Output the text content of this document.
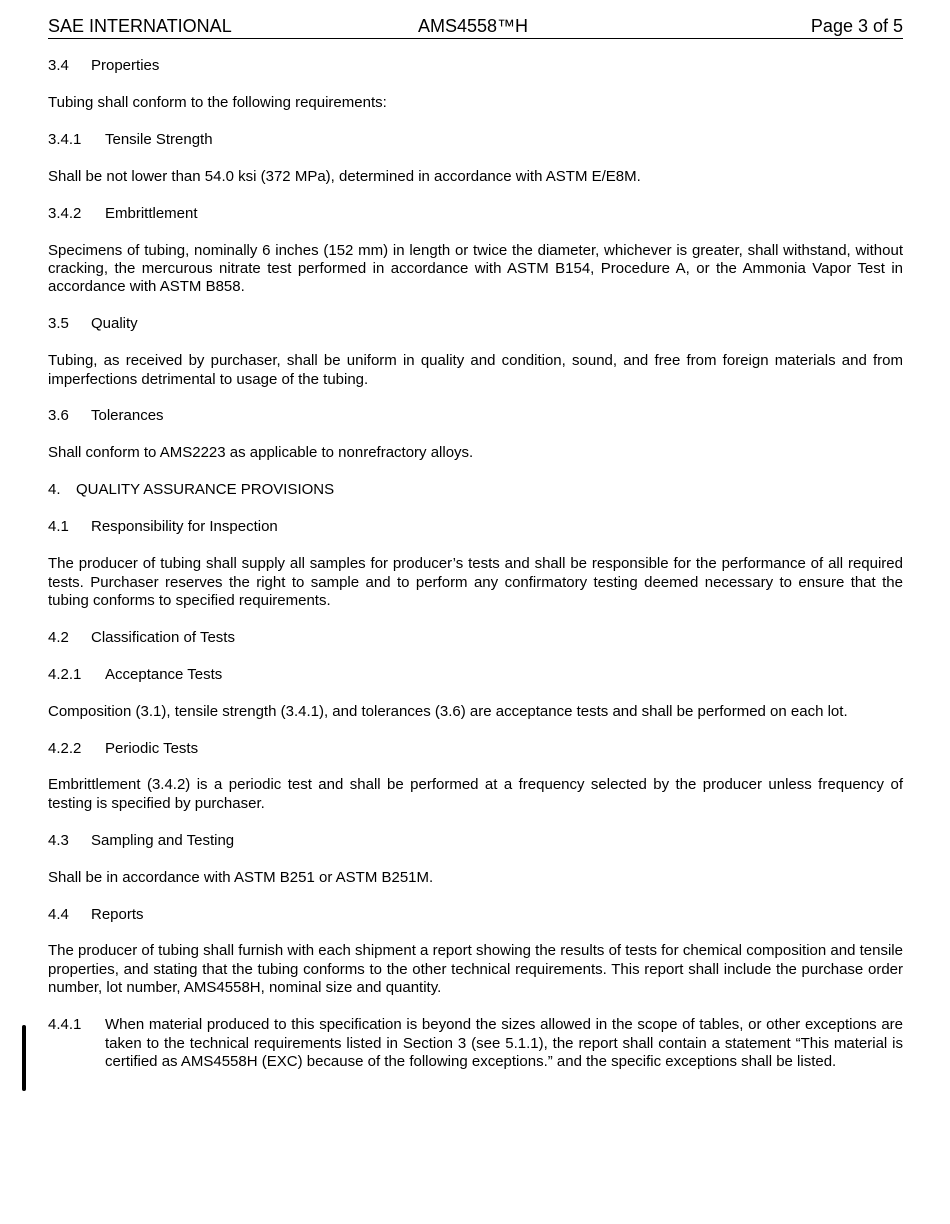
SAE INTERNATIONAL	AMS4558™H	Page 3 of 5
3.4 Properties

Tubing shall conform to the following requirements:

3.4.1 Tensile Strength

Shall be not lower than 54.0 ksi (372 MPa), determined in accordance with ASTM E/E8M.

3.4.2 Embrittlement

Specimens of tubing, nominally 6 inches (152 mm) in length or twice the diameter, whichever is greater, shall withstand, without cracking, the mercurous nitrate test performed in accordance with ASTM B154, Procedure A, or the Ammonia Vapor Test in accordance with ASTM B858.

3.5 Quality

Tubing, as received by purchaser, shall be uniform in quality and condition, sound, and free from foreign materials and from imperfections detrimental to usage of the tubing.

3.6 Tolerances

Shall conform to AMS2223 as applicable to nonrefractory alloys.

4. QUALITY ASSURANCE PROVISIONS
4.1 Responsibility for Inspection

The producer of tubing shall supply all samples for producer’s tests and shall be responsible for the performance of all required tests. Purchaser reserves the right to sample and to perform any confirmatory testing deemed necessary to ensure that the tubing conforms to specified requirements.

4.2 Classification of Tests
4.2.1 Acceptance Tests

Composition (3.1), tensile strength (3.4.1), and tolerances (3.6) are acceptance tests and shall be performed on each lot.

4.2.2 Periodic Tests

Embrittlement (3.4.2) is a periodic test and shall be performed at a frequency selected by the producer unless frequency of testing is specified by purchaser.

4.3 Sampling and Testing

Shall be in accordance with ASTM B251 or ASTM B251M.

4.4 Reports

The producer of tubing shall furnish with each shipment a report showing the results of tests for chemical composition and tensile properties, and stating that the tubing conforms to the other technical requirements. This report shall include the purchase order number, lot number, AMS4558H, nominal size and quantity.

4.4.1 When material produced to this specification is beyond the sizes allowed in the scope of tables, or other exceptions are taken to the technical requirements listed in Section 3 (see 5.1.1), the report shall contain a statement “This material is certified as AMS4558H (EXC) because of the following exceptions.” and the specific exceptions shall be listed.
